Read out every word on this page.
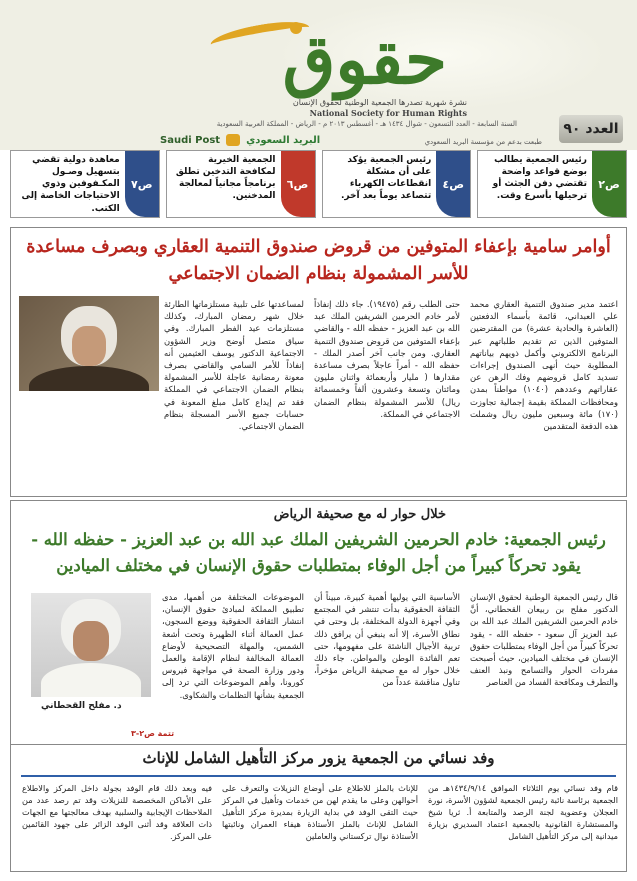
حقوق
نشرة شهرية تصدرها الجمعية الوطنية لحقوق الإنسان
National Society for Human Rights
السنة السابعة - العدد التسعون - شوال ١٤٣٤ هـ - أغسطس ٢٠١٣ م - الرياض - المملكة العربية السعودية	العدد ٩٠
طبعت بدعم من مؤسسة البريد السعودي
البريد السعودي
Saudi Post
ص٢
رئيس الجمعية يطالب بوضع قواعد واضحة تقتضي دفن الجثث أو ترحيلها بأسرع وقت.
ص٤
رئيس الجمعية يؤكد على أن مشكلة انقطاعات الكهرباء تتصاعد يوماً بعد آخر.
ص٦
الجمعية الخيرية لمكافحة التدخين تطلق برنامجاً مجانياً لمعالجة المدخنين.
ص٧
معاهدة دولية تقضي بتسهيل وصـول المكـفوفين وذوي الاحتياجات الخاصة إلى الكتب.
أوامر سامية بإعفاء المتوفين من قروض صندوق التنمية العقاري وبصرف مساعدة للأسر المشمولة بنظام الضمان الاجتماعي
اعتمد مدير صندوق التنمية العقاري محمد علي العبداني، قائمة بأسماء الدفعتين (العاشرة والحادية عشرة) من المقترضين المتوفين الذين تم تقديم طلباتهم عبر البرنامج الالكتروني وأكمل ذويهم بياناتهم المطلوبة حيث أنهى الصندوق إجراءات تسديد كامل قروضهم وفك الرهن عن عقاراتهم وعددهم (١٠٤٠) مواطناً بمدن ومحافظات المملكة بقيمة إجمالية تجاوزت (١٧٠) مائة وسبعين مليون ريال وشملت هذه الدفعة المتقدمين
حتى الطلب رقم (١٩٤٧٥). جاء ذلك إنفاذاً لأمر خادم الحرمين الشريفين الملك عبد الله بن عبد العزيز - حفظه الله - والقاضي بإعفاء المتوفين من قروض صندوق التنمية العقاري. ومن جانب آخر أصدر الملك - حفظه الله - أمراً عاجلاً بصرف مساعدة مقدارها ( مليار وأربعمائة واثنان مليون ومائتان وتسعة وعشرون ألفاً وخمسمائة ريال) للأسر المشمولة بنظام الضمان الاجتماعي في المملكة.
لمساعدتها على تلبية مستلزماتها الطارئة خلال شهر رمضان المبارك، وكذلك مستلزمات عيد الفطر المبارك. وفي سياق متصل أوضح وزير الشؤون الاجتماعية الدكتور يوسف العثيمين أنه إنفاذاً للأمر السامي والقاضي بصرف معونة رمضانية عاجلة للأسر المشمولة بنظام الضمان الاجتماعي في المملكة فقد تم إيداع كامل مبلغ المعونة في حسابات جميع الأسر المسجلة بنظام الضمان الاجتماعي.
خلال حوار له مع صحيفة الرياض
رئيس الجمعية: خادم الحرمين الشريفين الملك عبد الله بن عبد العزيز - حفظه الله - يقود تحركاً كبيراً من أجل الوفاء بمتطلبات حقوق الإنسان في مختلف الميادين
قال رئيس الجمعية الوطنية لحقوق الإنسان الدكتور مفلح بن ربيعان القحطاني، أنَّ خادم الحرمين الشريفين الملك عبد الله بن عبد العزيز آل سعود - حفظه الله - يقود تحركاً كبيراً من أجل الوفاء بمتطلبات حقوق الإنسان في مختلف الميادين، حيث أصبحت مفردات الحوار والتسامح ونبذ العنف والتطرف ومكافحة الفساد من العناصر
الأساسية التي يوليها أهمية كبيرة، مبيناً أن الثقافة الحقوقية بدأت تنتشر في المجتمع وفي أجهزة الدولة المختلفة، بل وحتى في نطاق الأسرة، إلا أنه ينبغي أن يرافق ذلك تربية الأجيال الناشئة على مفهومها، حتى تعم الفائدة الوطن والمواطن. جاء ذلك خلال حوار له مع صحيفة الرياض مؤخراً، تناول مناقشة عدداً من
الموضوعات المختلفة من أهمها، مدى تطبيق المملكة لمبادئ حقوق الإنسان، انتشار الثقافة الحقوقية ووضع السجون، عمل العمالة أثناء الظهيرة وتحت أشعة الشمس، والمهلة التصحيحية لأوضاع العمالة المخالفة لنظام الإقامة والعمل ودور وزارة الصحة في مواجهة فيروس كورونا، وأهم الموضوعات التي ترد إلى الجمعية بشأنها التظلمات والشكاوى.
د. مفلح القحطاني
تتمة ص٢-٣
وفد نسائي من الجمعية يزور مركز التأهيل الشامل للإناث
قام وفد نسائي يوم الثلاثاء الموافق ١٤٣٤/٩/١٤هـ من الجمعية برئاسة نائبة رئيس الجمعية لشؤون الأسرة، نورة العجلان وعضوية لجنة الرصد والمتابعة أ. ثريا شيخ والمستشارة القانونية بالجمعية اعتماد السديري بزيارة ميدانية إلى مركز التأهيل الشامل
للإناث بالملز للاطلاع على أوضاع النزيلات والتعرف على أحوالهن وعلى ما يقدم لهن من خدمات وتأهيل في المركز حيث التقى الوفد في بداية الزيارة بمديرة مركز التأهيل الشامل للإناث بالملز الأستاذة هيفاء العمران ونائبتها الأستاذة نوال تركستاني والعاملين
فيه وبعد ذلك قام الوفد بجولة داخل المركز والاطلاع على الأماكن المخصصة للنزيلات وقد تم رصد عدد من الملاحظات الإيجابية والسلبية بهدف معالجتها مع الجهات ذات العلاقة وقد أثنى الوفد الزائر على جهود القائمين على المركز.
